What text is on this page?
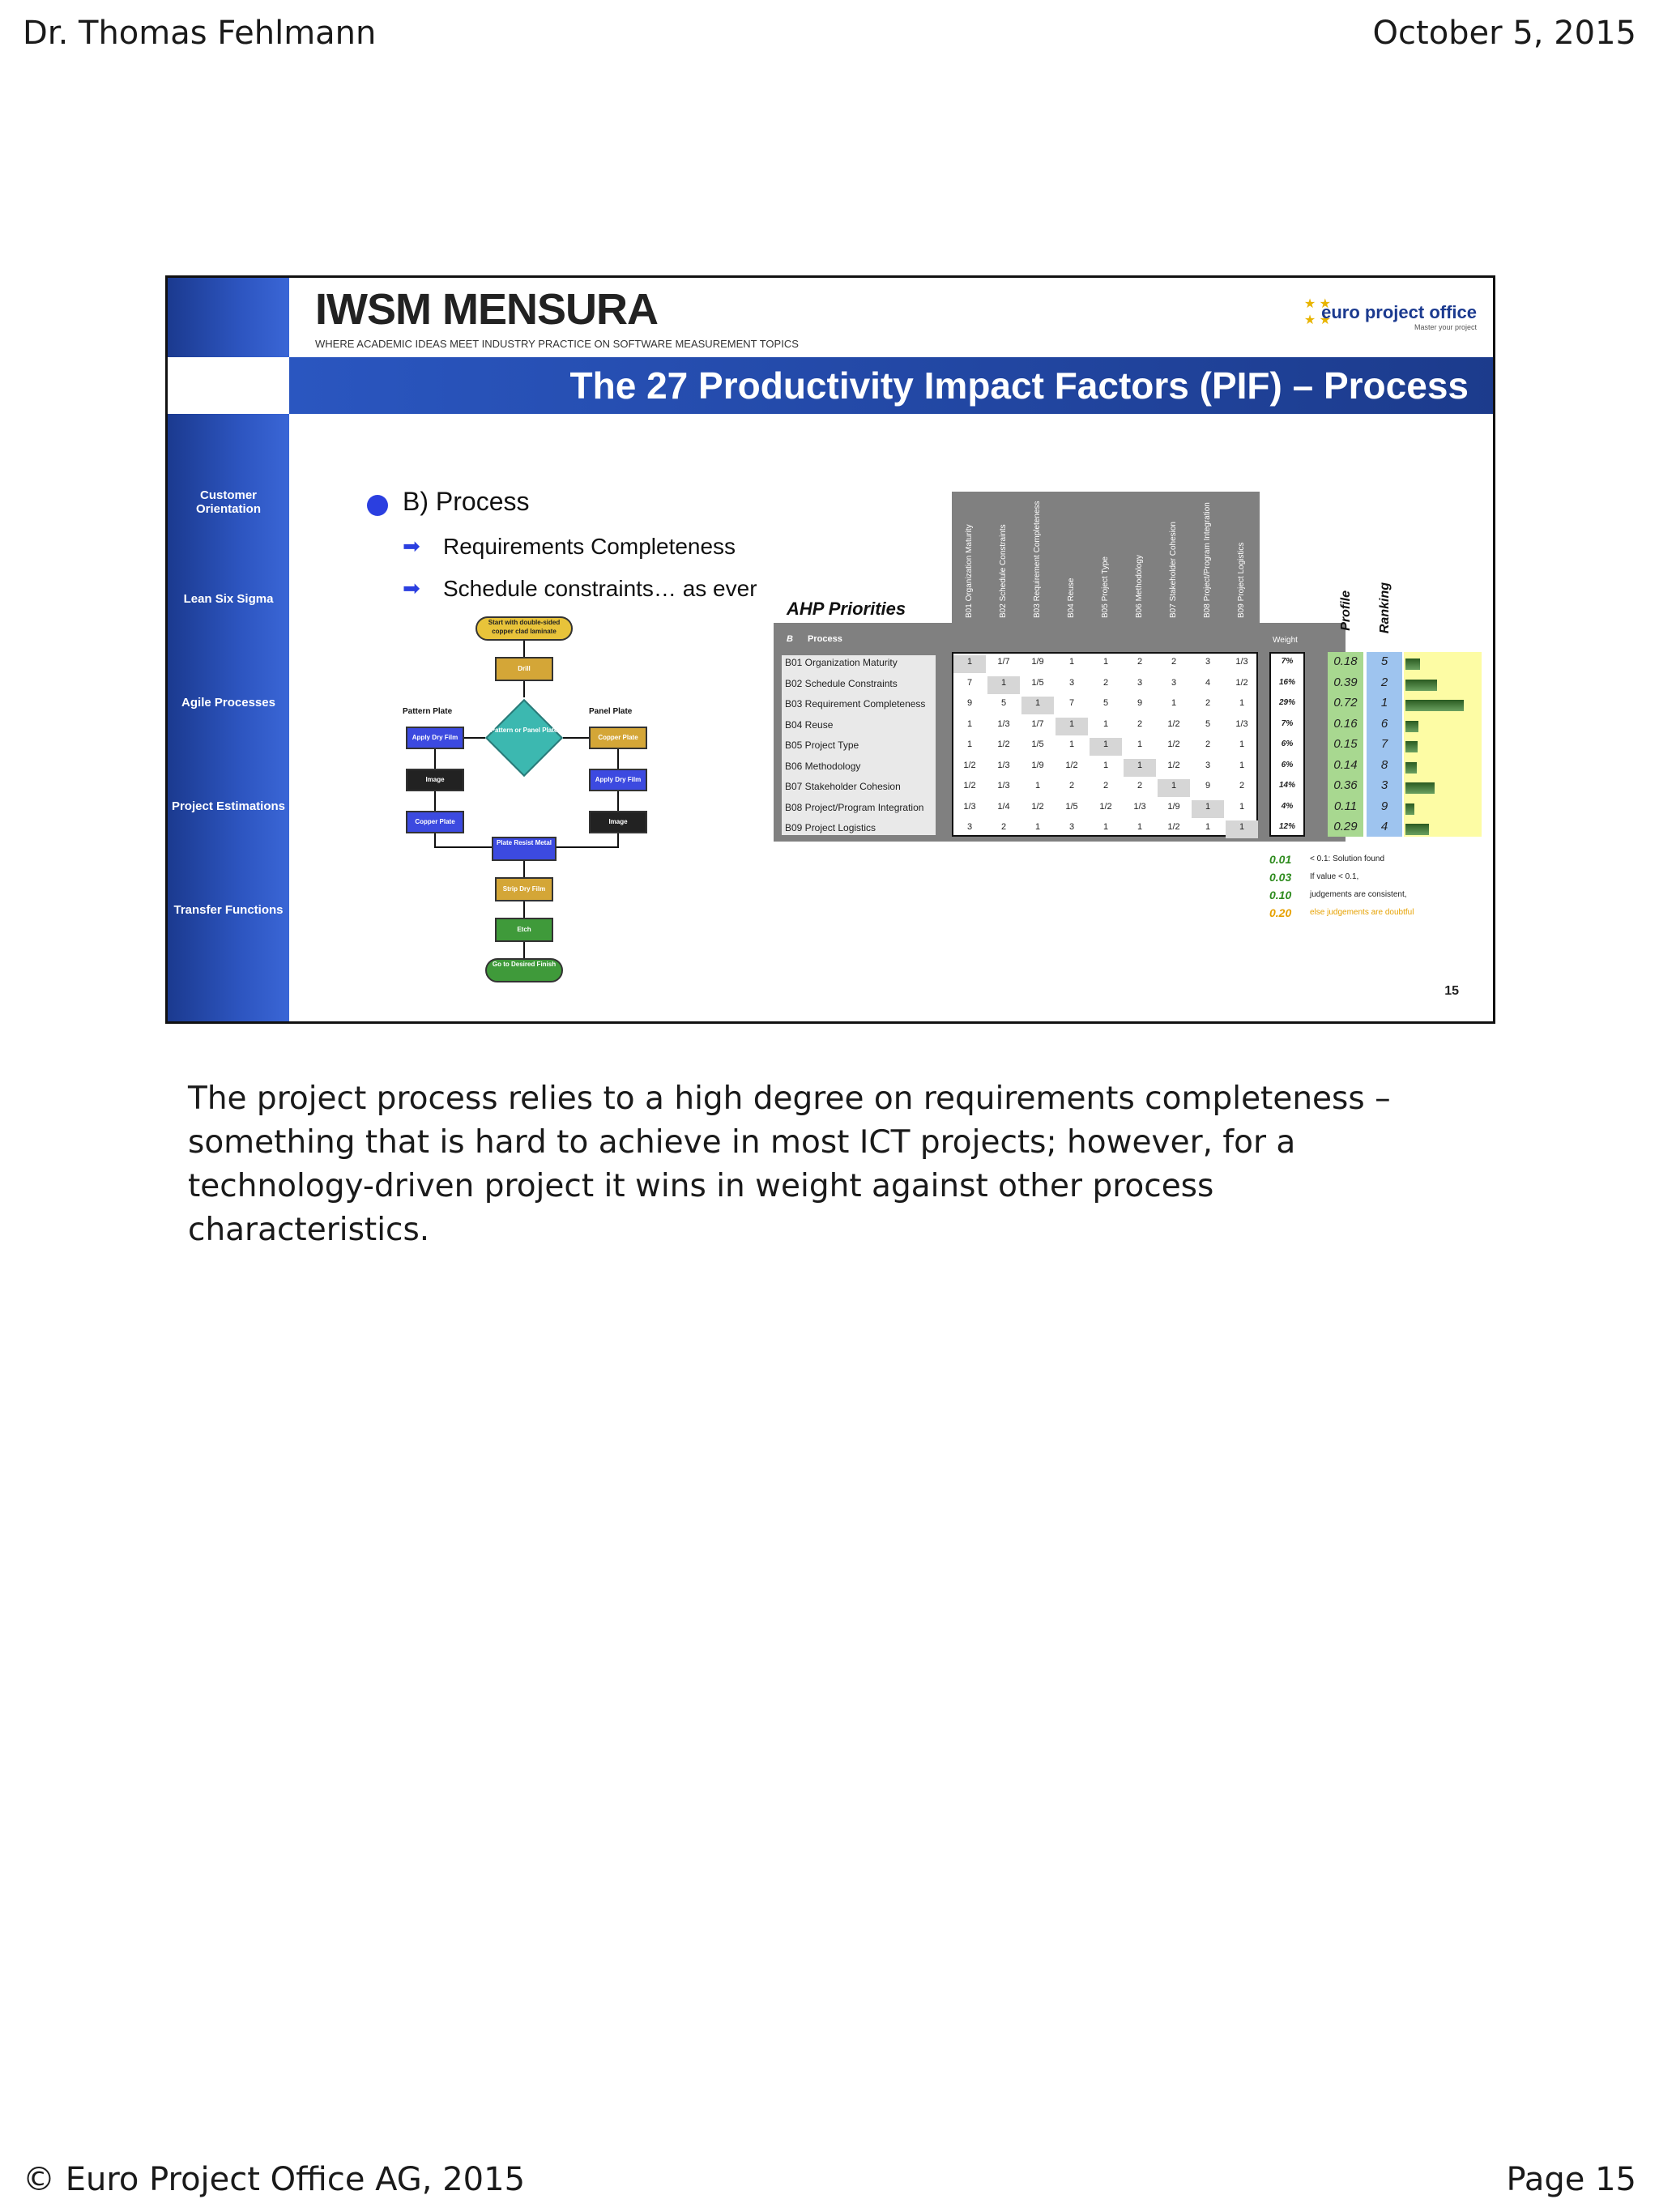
Dr. Thomas Fehlmann	October 5, 2015
Customer Orientation
Lean Six Sigma
Agile Processes
Project Estimations
Transfer Functions
IWSM MENSURA
WHERE ACADEMIC IDEAS MEET INDUSTRY PRACTICE ON SOFTWARE MEASUREMENT TOPICS
★ ★
★ ★
euro project office
Master your project
The 27 Productivity Impact Factors (PIF) – Process
B) Process
➡ Requirements Completeness
➡ Schedule constraints… as ever
Start with double-sided copper clad laminate
Drill
Pattern or Panel Plate
Pattern Plate	Panel Plate
Apply Dry Film
Image
Copper Plate
Copper Plate
Apply Dry Film
Image
Plate Resist Metal
Strip Dry Film
Etch
Go to Desired Finish
AHP Priorities	B01 Organization Maturity	B02 Schedule Constraints	B03 Requirement Completeness	B04 Reuse	B05 Project Type	B06 Methodology	B07 Stakeholder Cohesion	B08 Project/Program Integration	B09 Project Logistics
B Process	Weight
Profile Ranking
B01 Organization Maturity	1	1/7	1/9	1	1	2	2	3	1/3	7%	0.18	5
B02 Schedule Constraints	7	1	1/5	3	2	3	3	4	1/2	16%	0.39	2
B03 Requirement Completeness	9	5	1	7	5	9	1	2	1	29%	0.72	1
B04 Reuse	1	1/3	1/7	1	1	2	1/2	5	1/3	7%	0.16	6
B05 Project Type	1	1/2	1/5	1	1	1	1/2	2	1	6%	0.15	7
B06 Methodology	1/2	1/3	1/9	1/2	1	1	1/2	3	1	6%	0.14	8
B07 Stakeholder Cohesion	1/2	1/3	1	2	2	2	1	9	2	14%	0.36	3
B08 Project/Program Integration	1/3	1/4	1/2	1/5	1/2	1/3	1/9	1	1	4%	0.11	9
B09 Project Logistics	3	2	1	3	1	1	1/2	1	1	12%	0.29	4
0.01 < 0.1: Solution found
0.03 If value < 0.1,
0.10 judgements are consistent,
0.20 else judgements are doubtful
15
The project process relies to a high degree on requirements completeness – something that is hard to achieve in most ICT projects; however, for a technology-driven project it wins in weight against other process characteristics.
© Euro Project Office AG, 2015	Page 15
